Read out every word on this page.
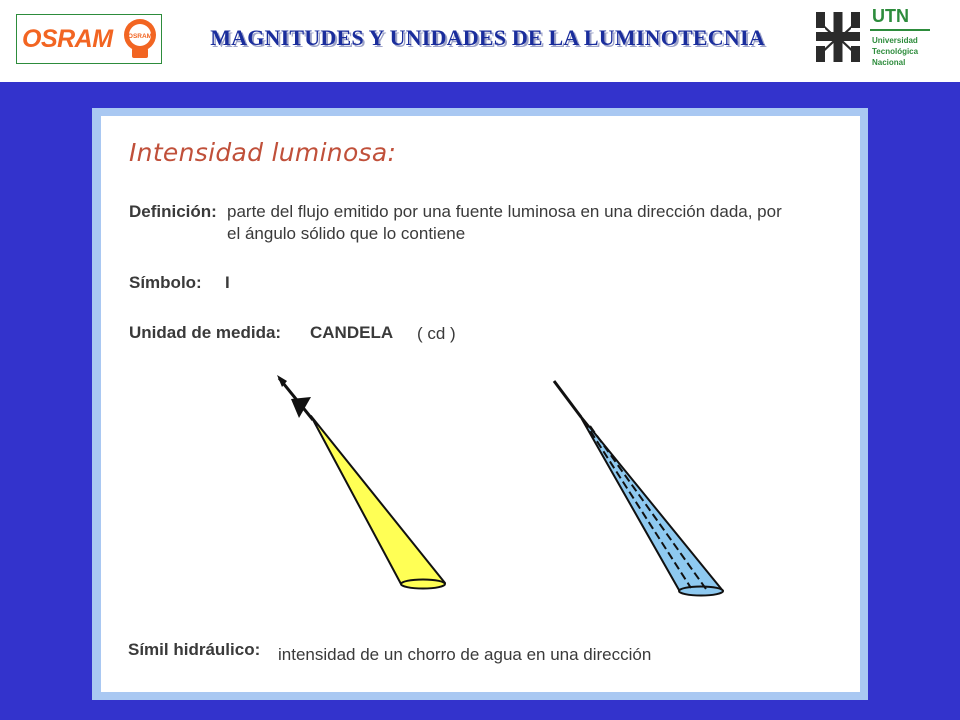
OSRAM OSRAM	MAGNITUDES Y UNIDADES DE LA LUMINOTECNIA
UTN
Universidad
Tecnológica
Nacional
Intensidad luminosa:
Definición: parte del flujo emitido por una fuente luminosa en una dirección dada, por
el ángulo sólido que lo contiene
Símbolo: I
Unidad de medida: CANDELA ( cd )
Símil hidráulico: intensidad de un chorro de agua en una dirección
